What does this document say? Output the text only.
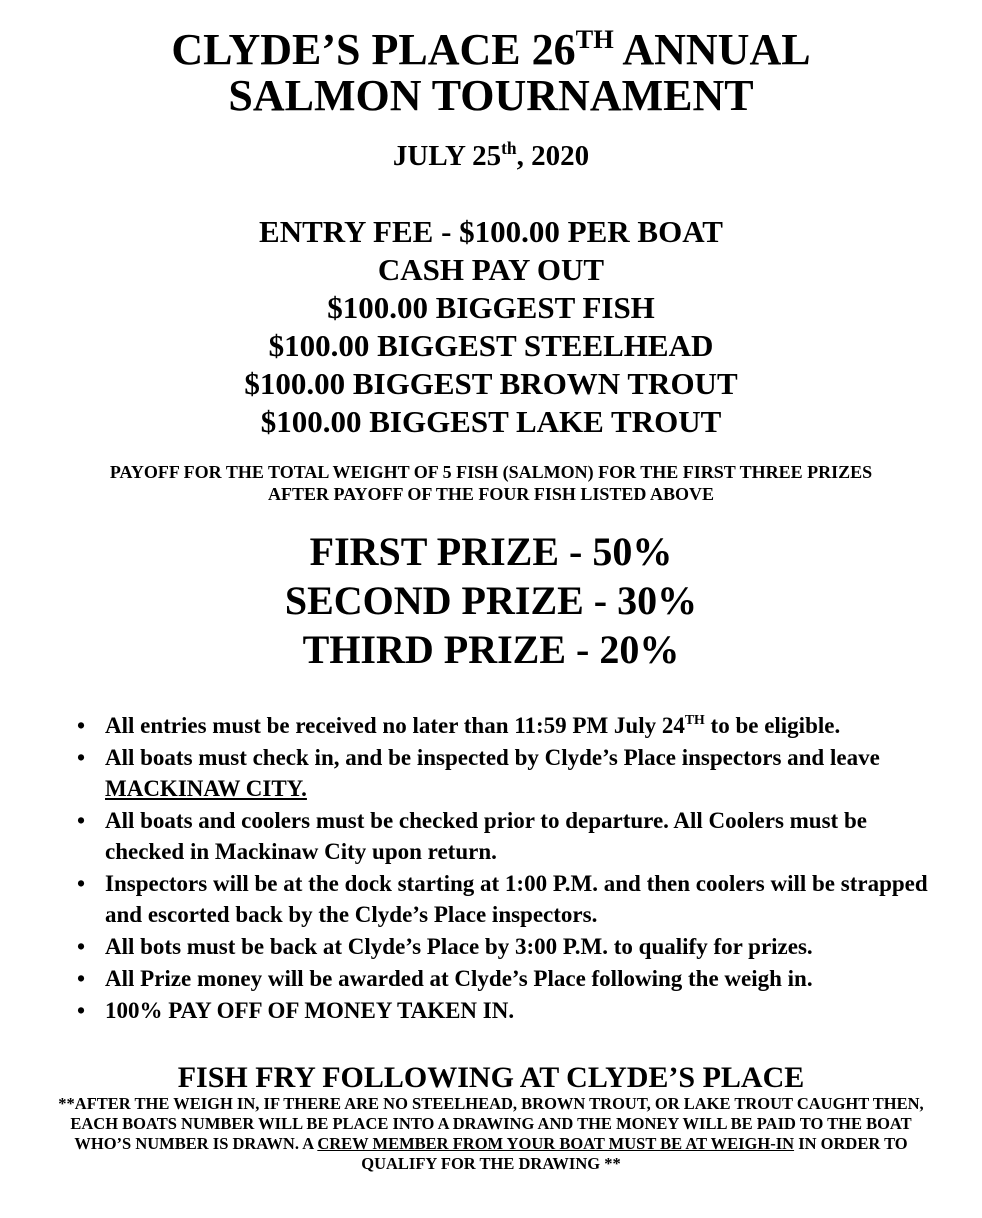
CLYDE’S PLACE 26TH ANNUAL
SALMON TOURNAMENT

JULY 25th, 2020

ENTRY FEE - $100.00 PER BOAT
CASH PAY OUT
$100.00 BIGGEST FISH
$100.00 BIGGEST STEELHEAD
$100.00 BIGGEST BROWN TROUT
$100.00 BIGGEST LAKE TROUT
PAYOFF FOR THE TOTAL WEIGHT OF 5 FISH (SALMON) FOR THE FIRST THREE PRIZES
AFTER PAYOFF OF THE FOUR FISH LISTED ABOVE
FIRST PRIZE - 50%
SECOND PRIZE - 30%
THIRD PRIZE - 20%
• All entries must be received no later than 11:59 PM July 24TH to be eligible.
• All boats must check in, and be inspected by Clyde’s Place inspectors and leave MACKINAW CITY.
• All boats and coolers must be checked prior to departure. All Coolers must be checked in Mackinaw City upon return.
• Inspectors will be at the dock starting at 1:00 P.M. and then coolers will be strapped and escorted back by the Clyde’s Place inspectors.
• All bots must be back at Clyde’s Place by 3:00 P.M. to qualify for prizes.
• All Prize money will be awarded at Clyde’s Place following the weigh in.
• 100% PAY OFF OF MONEY TAKEN IN.

FISH FRY FOLLOWING AT CLYDE’S PLACE

**AFTER THE WEIGH IN, IF THERE ARE NO STEELHEAD, BROWN TROUT, OR LAKE TROUT CAUGHT THEN, EACH BOATS NUMBER WILL BE PLACE INTO A DRAWING AND THE MONEY WILL BE PAID TO THE BOAT WHO’S NUMBER IS DRAWN. A CREW MEMBER FROM YOUR BOAT MUST BE AT WEIGH-IN IN ORDER TO QUALIFY FOR THE DRAWING **
